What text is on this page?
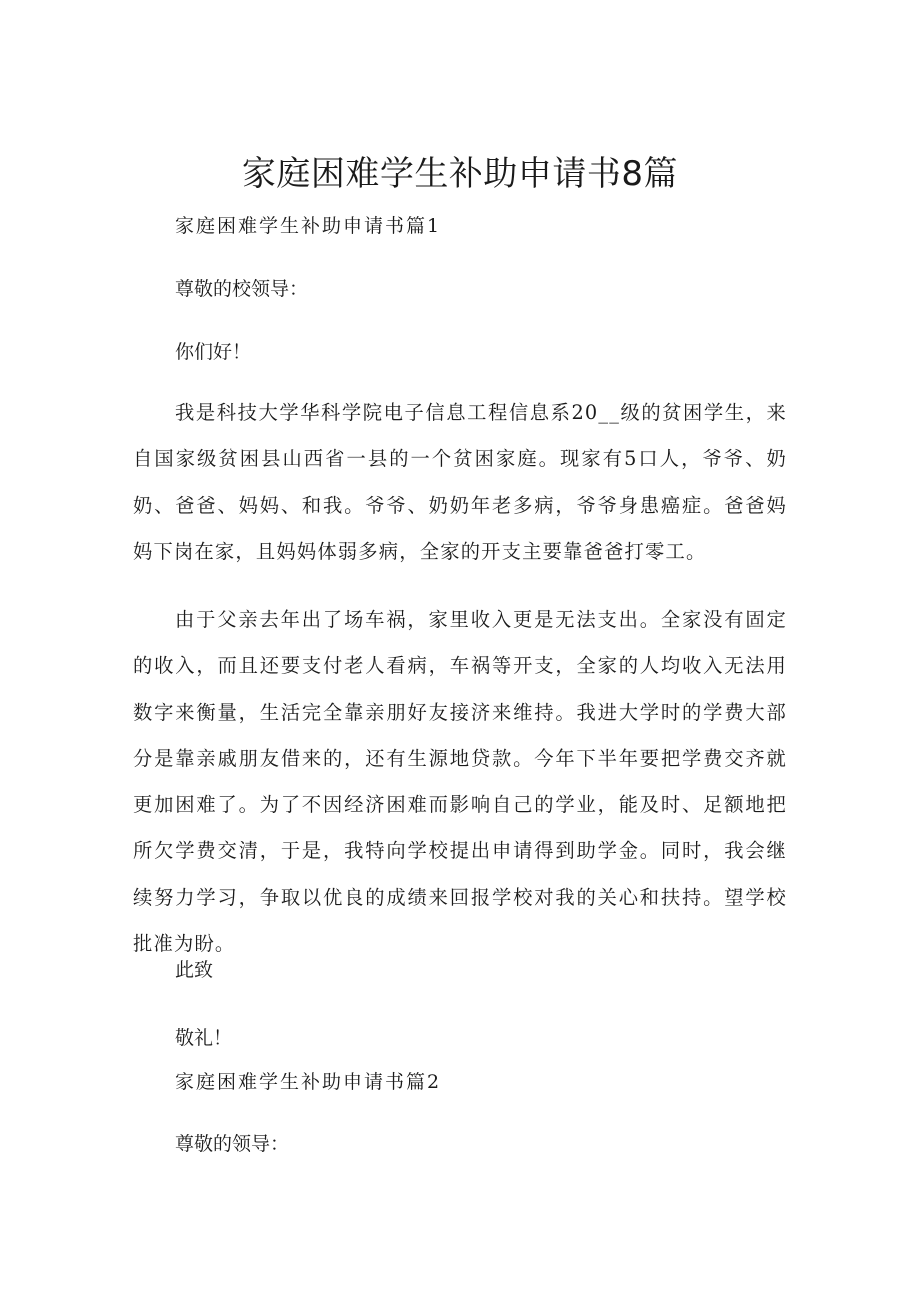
家庭困难学生补助申请书8篇
家庭困难学生补助申请书篇1
尊敬的校领导：
你们好！

我是科技大学华科学院电子信息工程信息系20__级的贫困学生，来自国家级贫困县山西省一县的一个贫困家庭。现家有5口人，爷爷、奶奶、爸爸、妈妈、和我。爷爷、奶奶年老多病，爷爷身患癌症。爸爸妈妈下岗在家，且妈妈体弱多病，全家的开支主要靠爸爸打零工。

由于父亲去年出了场车祸，家里收入更是无法支出。全家没有固定的收入，而且还要支付老人看病，车祸等开支，全家的人均收入无法用数字来衡量，生活完全靠亲朋好友接济来维持。我进大学时的学费大部分是靠亲戚朋友借来的，还有生源地贷款。今年下半年要把学费交齐就更加困难了。为了不因经济困难而影响自己的学业，能及时、足额地把所欠学费交清，于是，我特向学校提出申请得到助学金。同时，我会继续努力学习，争取以优良的成绩来回报学校对我的关心和扶持。望学校批准为盼。

此致
敬礼！
家庭困难学生补助申请书篇2
尊敬的领导：
